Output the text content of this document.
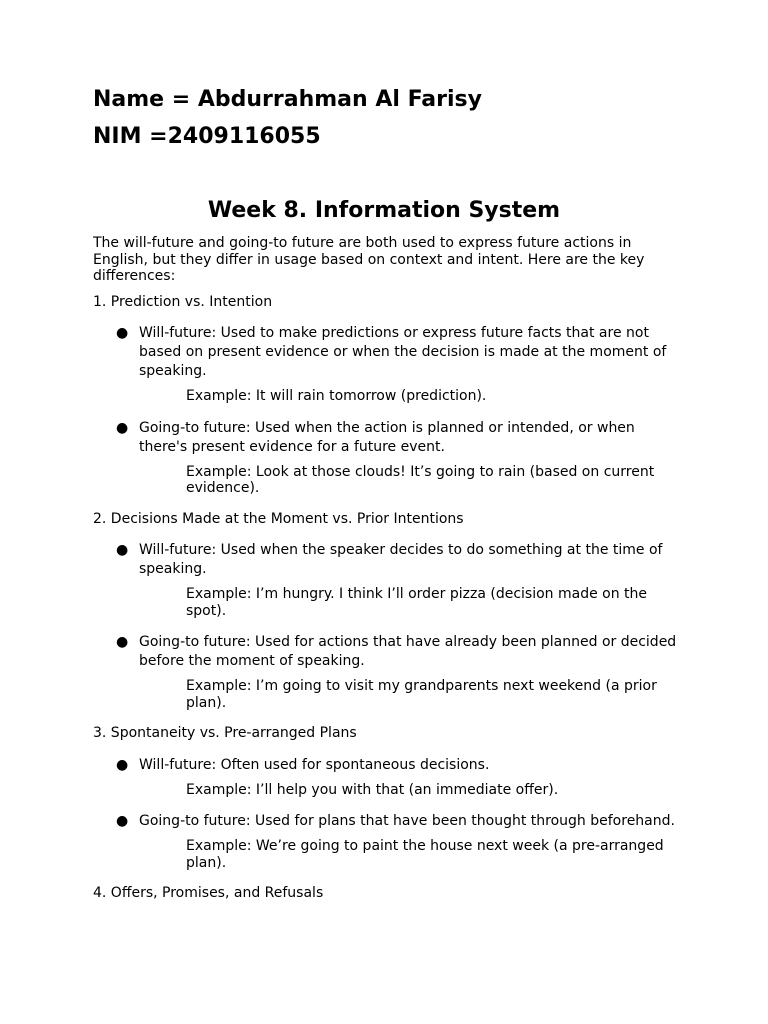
Name = Abdurrahman Al Farisy
NIM =2409116055
Week 8. Information System

The will-future and going-to future are both used to express future actions in English, but they differ in usage based on context and intent. Here are the key differences:

1. Prediction vs. Intention

● Will-future: Used to make predictions or express future facts that are not based on present evidence or when the decision is made at the moment of speaking.

Example: It will rain tomorrow (prediction).

● Going-to future: Used when the action is planned or intended, or when there's present evidence for a future event.

Example: Look at those clouds! It’s going to rain (based on current evidence).

2. Decisions Made at the Moment vs. Prior Intentions

● Will-future: Used when the speaker decides to do something at the time of speaking.

Example: I’m hungry. I think I’ll order pizza (decision made on the spot).

● Going-to future: Used for actions that have already been planned or decided before the moment of speaking.

Example: I’m going to visit my grandparents next weekend (a prior plan).

3. Spontaneity vs. Pre-arranged Plans

● Will-future: Often used for spontaneous decisions.

Example: I’ll help you with that (an immediate offer).

● Going-to future: Used for plans that have been thought through beforehand.

Example: We’re going to paint the house next week (a pre-arranged plan).

4. Offers, Promises, and Refusals
